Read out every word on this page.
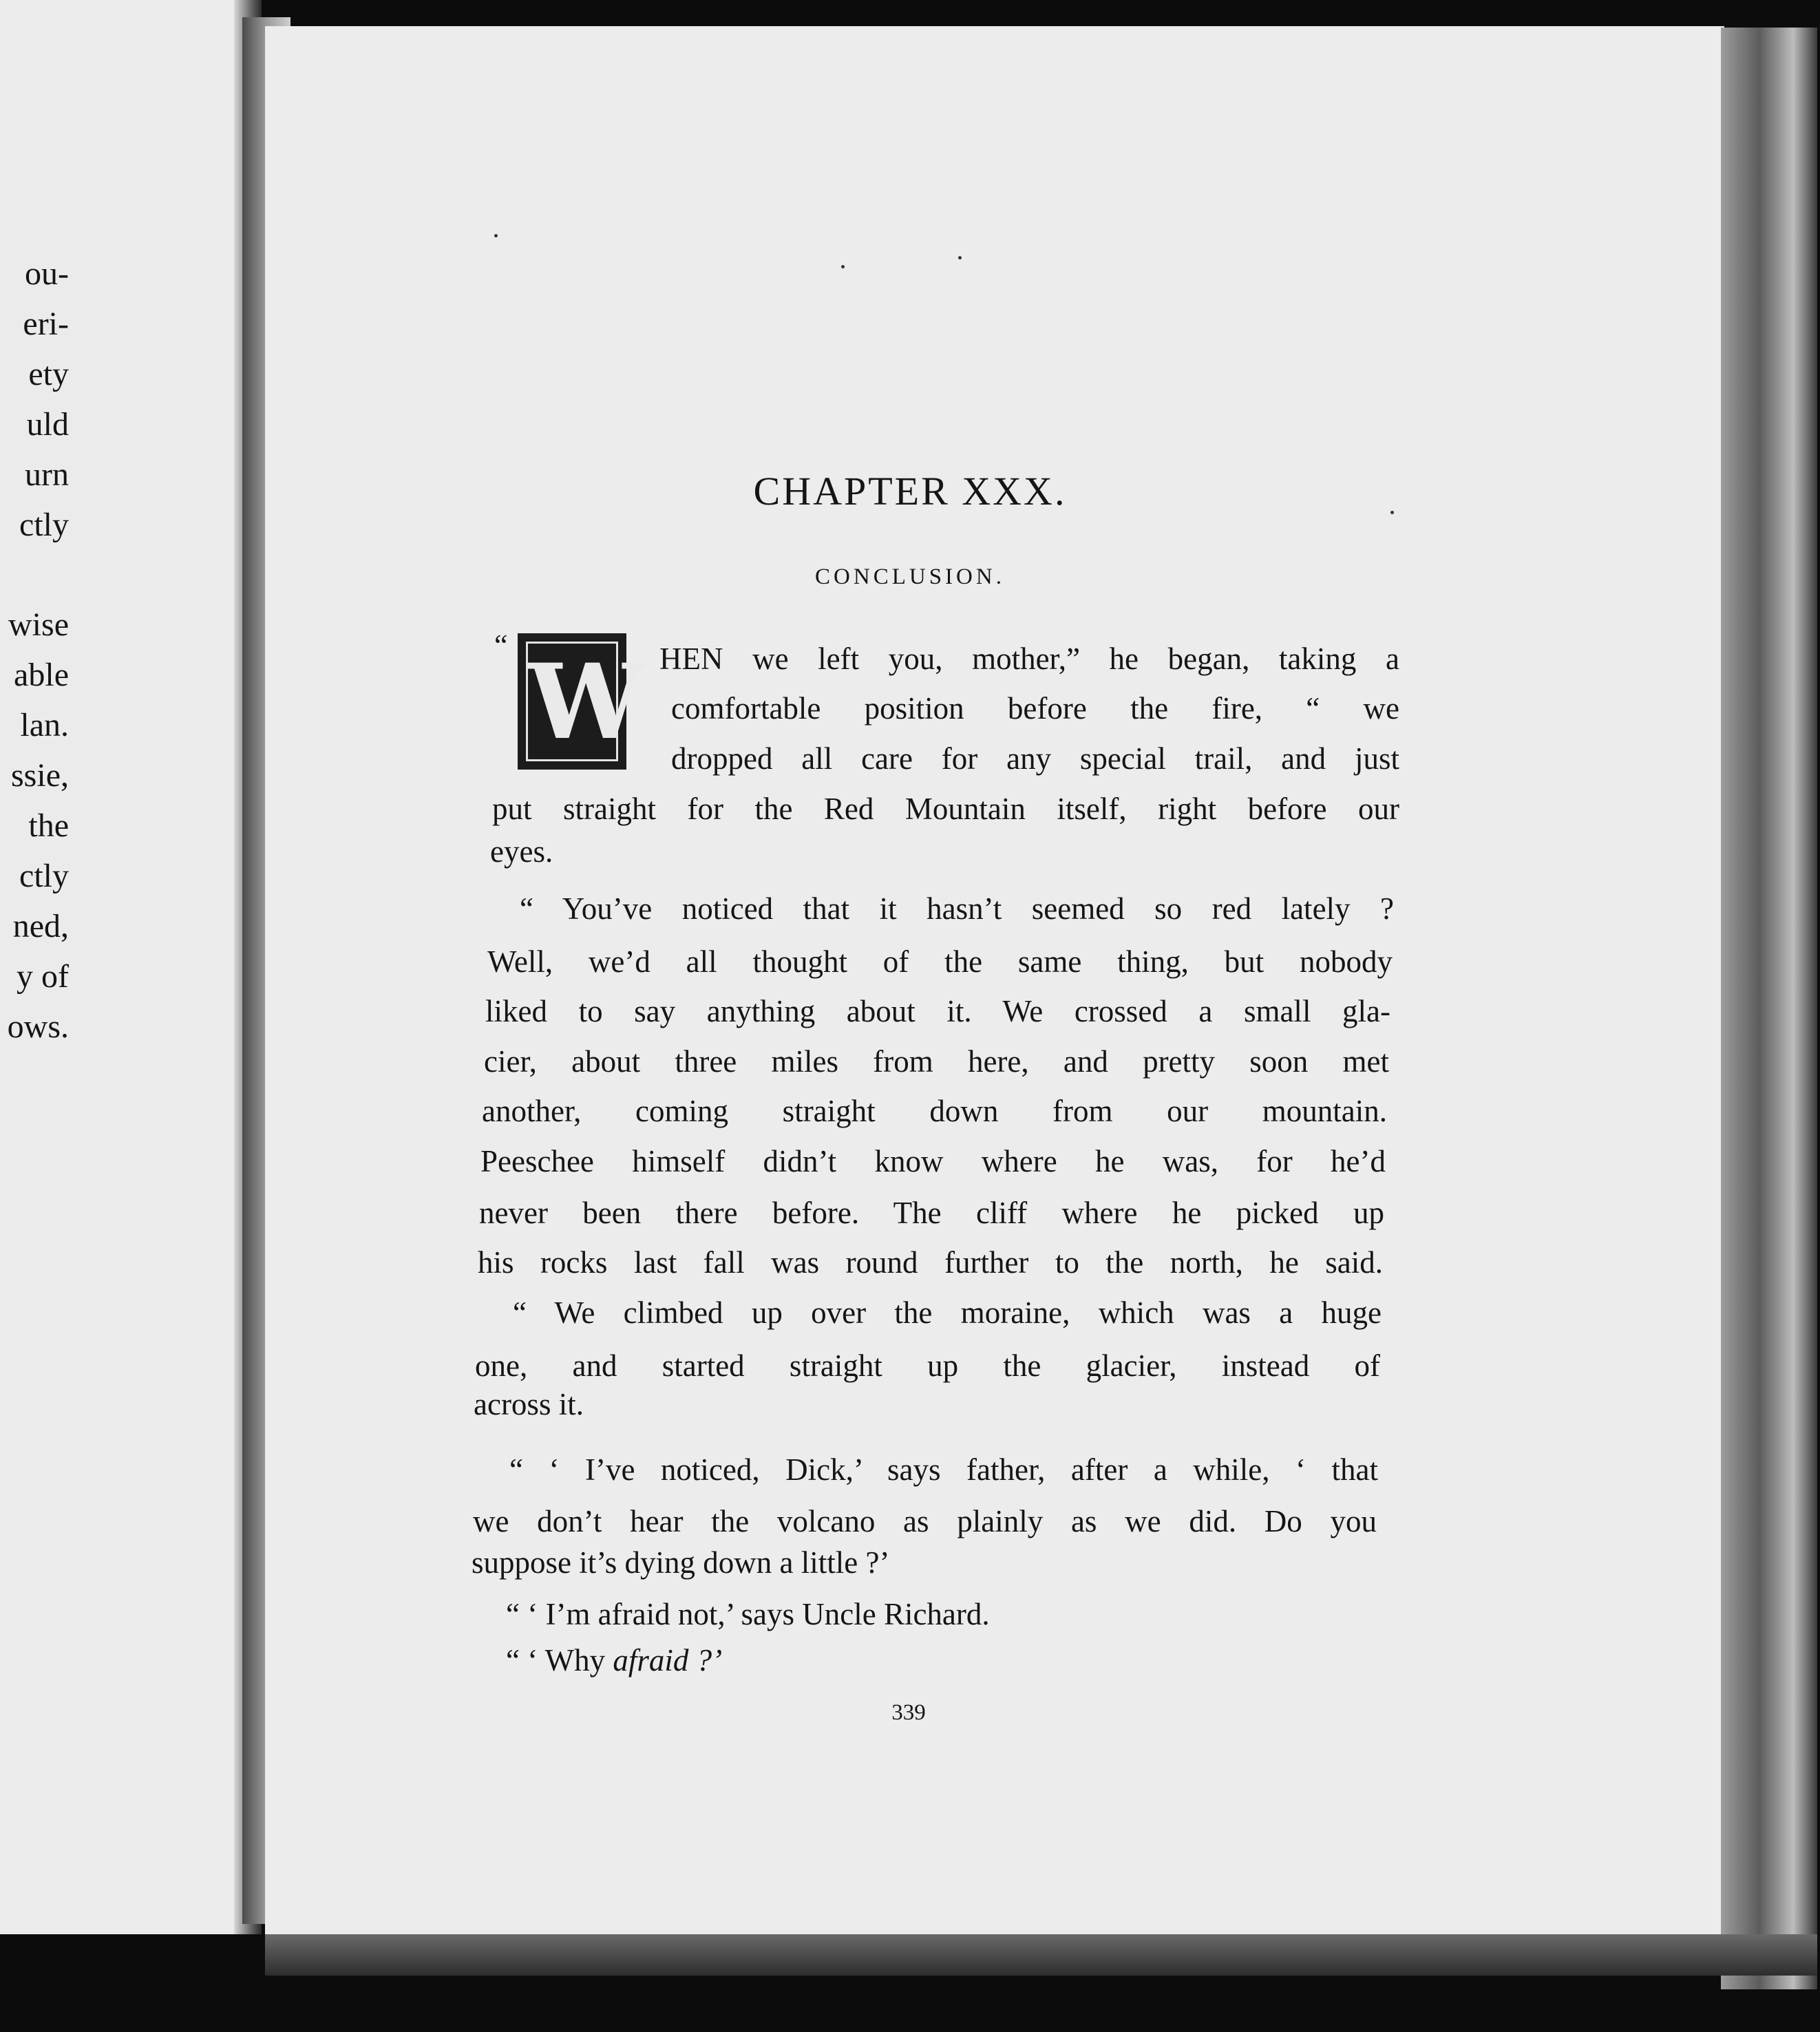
ou-
eri-
ety
uld
urn
ctly
wise
able
lan.
ssie,
the
ctly
ned,
y of
ows.
CHAPTER XXX.
CONCLUSION.
“ W HEN we left you, mother,” he began, taking a
comfortable position before the fire, “ we
dropped all care for any special trail, and just
put straight for the Red Mountain itself, right before our
eyes.
“ You’ve noticed that it hasn’t seemed so red lately ?
Well, we’d all thought of the same thing, but nobody
liked to say anything about it. We crossed a small gla-
cier, about three miles from here, and pretty soon met
another, coming straight down from our mountain.
Peeschee himself didn’t know where he was, for he’d
never been there before. The cliff where he picked up
his rocks last fall was round further to the north, he said.
“ We climbed up over the moraine, which was a huge
one, and started straight up the glacier, instead of
across it.
“ ‘ I’ve noticed, Dick,’ says father, after a while, ‘ that
we don’t hear the volcano as plainly as we did. Do you
suppose it’s dying down a little ?’
“ ‘ I’m afraid not,’ says Uncle Richard.
“ ‘ Why afraid ?’
339
